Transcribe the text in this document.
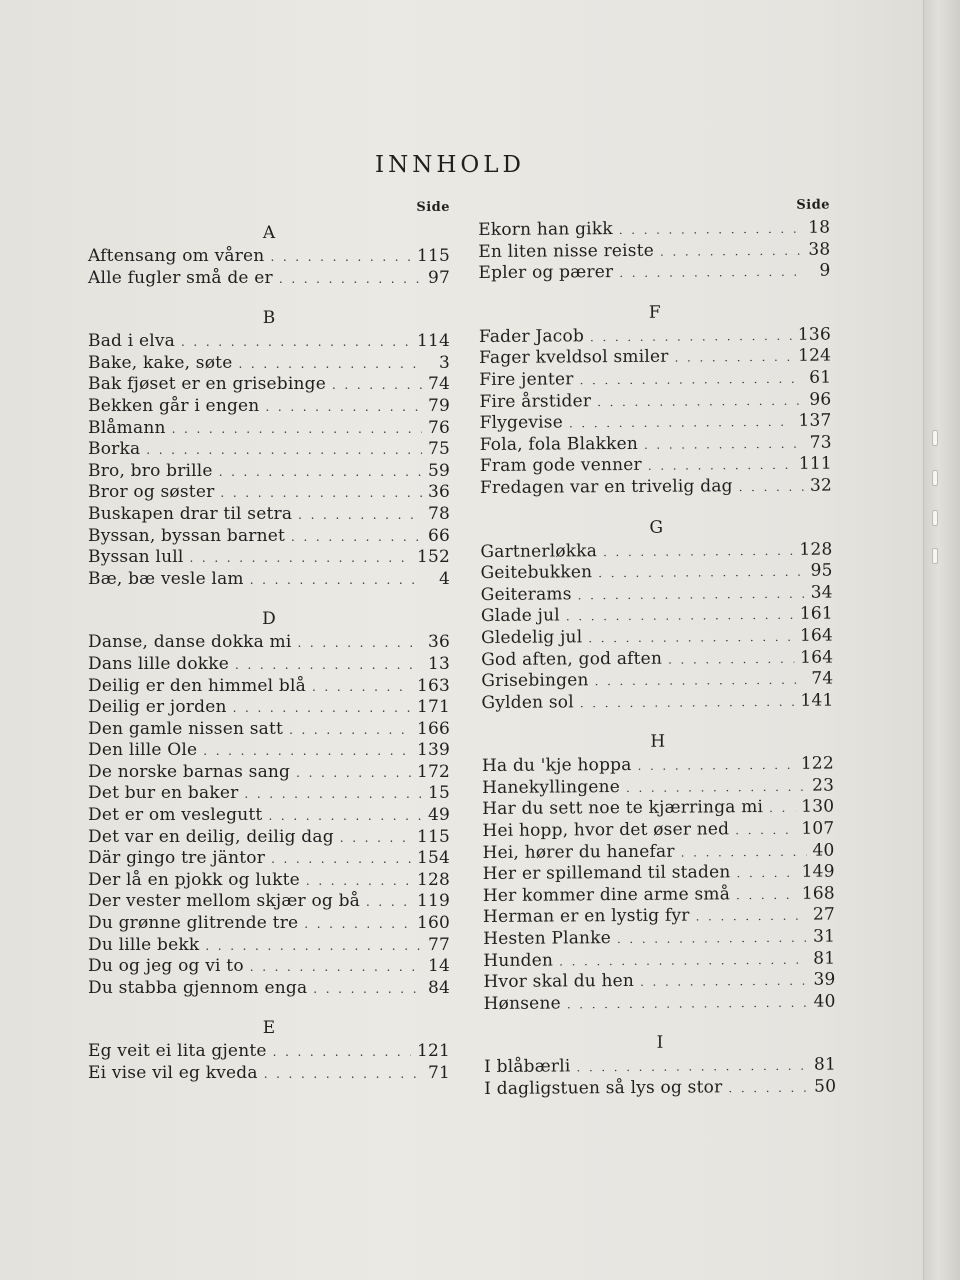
INNHOLD
Side
A
Aftensang om våren . . .	115
Alle fugler små de er . . .	97
B
Bad i elva . . .	114
Bake, kake, søte . . .	3
Bak fjøset er en grisebinge . . .	74
Bekken går i engen . . .	79
Blåmann . . .	76
Borka . . .	75
Bro, bro brille . . .	59
Bror og søster . . .	36
Buskapen drar til setra . . .	78
Byssan, byssan barnet . . .	66
Byssan lull . . .	152
Bæ, bæ vesle lam . . .	4
D
Danse, danse dokka mi . . .	36
Dans lille dokke . . .	13
Deilig er den himmel blå . . .	163
Deilig er jorden . . .	171
Den gamle nissen satt . . .	166
Den lille Ole . . .	139
De norske barnas sang . . .	172
Det bur en baker . . .	15
Det er om veslegutt . . .	49
Det var en deilig, deilig dag . . .	115
Där gingo tre jäntor . . .	154
Der lå en pjokk og lukte . . .	128
Der vester mellom skjær og bå . . .	119
Du grønne glitrende tre . . .	160
Du lille bekk . . .	77
Du og jeg og vi to . . .	14
Du stabba gjennom enga . . .	84
E
Eg veit ei lita gjente . . .	121
Ei vise vil eg kveda . . .	71
Side
Ekorn han gikk . . .	18
En liten nisse reiste . . .	38
Epler og pærer . . .	9
F
Fader Jacob . . .	136
Fager kveldsol smiler . . .	124
Fire jenter . . .	61
Fire årstider . . .	96
Flygevise . . .	137
Fola, fola Blakken . . .	73
Fram gode venner . . .	111
Fredagen var en trivelig dag . . .	32
G
Gartnerløkka . . .	128
Geitebukken . . .	95
Geiterams . . .	34
Glade jul . . .	161
Gledelig jul . . .	164
God aften, god aften . . .	164
Grisebingen . . .	74
Gylden sol . . .	141
H
Ha du 'kje hoppa . . .	122
Hanekyllingene . . .	23
Har du sett noe te kjærringa mi . . . 130
Hei hopp, hvor det øser ned . . .	107
Hei, hører du hanefar . . .	40
Her er spillemand til staden . . .	149
Her kommer dine arme små . . .	168
Herman er en lystig fyr . . .	27
Hesten Planke . . .	31
Hunden . . .	81
Hvor skal du hen . . .	39
Hønsene . . .	40
I
I blåbærli . . .	81
I dagligstuen så lys og stor . . .	50
